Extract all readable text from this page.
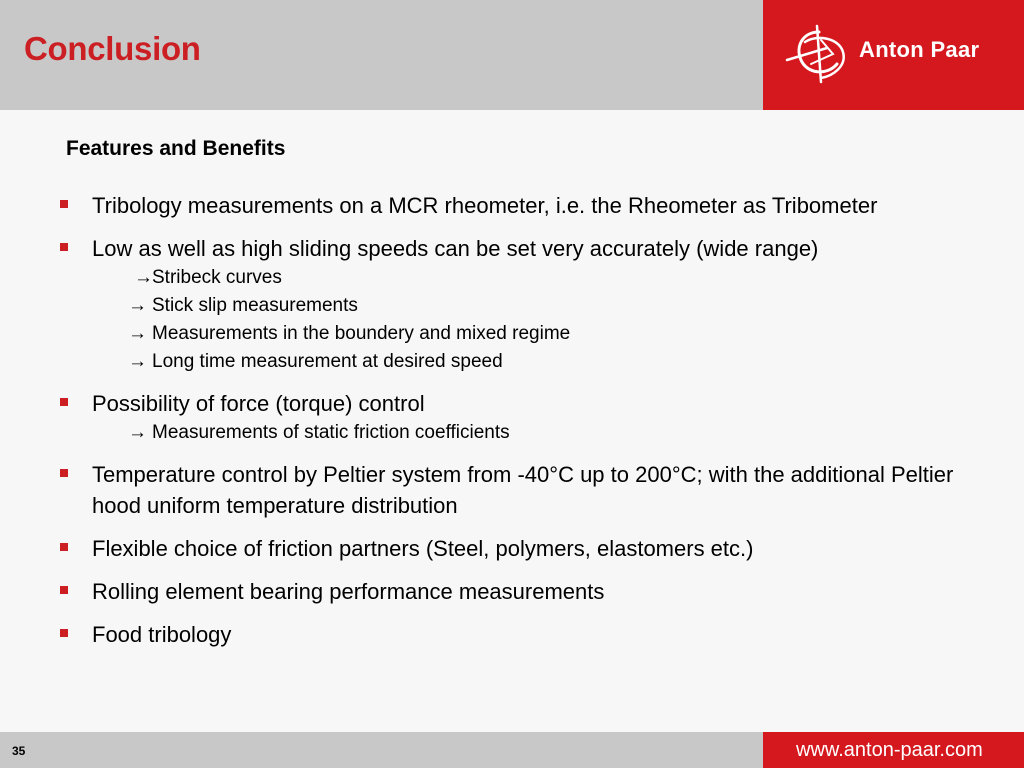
Conclusion	Anton Paar
Features and Benefits
Tribology measurements on a MCR rheometer, i.e. the Rheometer as Tribometer
Low as well as high sliding speeds can be set very accurately (wide range)
→ Stribeck curves
→ Stick slip measurements
→ Measurements in the boundery and mixed regime
→ Long time measurement at desired speed
Possibility of force (torque) control
→ Measurements of static friction coefficients
Temperature control by Peltier system from -40°C up to 200°C; with the additional Peltier hood uniform temperature distribution
Flexible choice of friction partners (Steel, polymers, elastomers etc.)
Rolling element bearing performance measurements
Food tribology
35	www.anton-paar.com
